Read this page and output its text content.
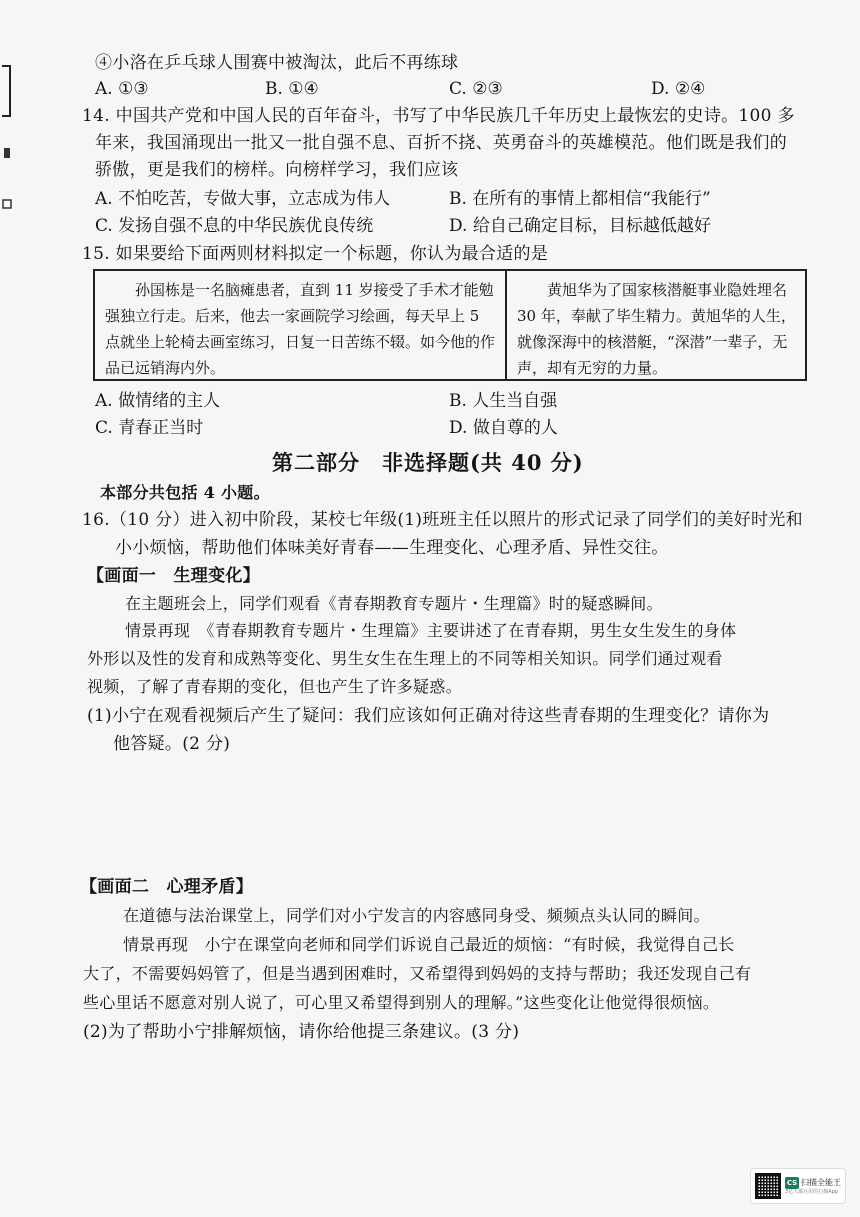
④小洛在乒乓球人围赛中被淘汰，此后不再练球
A. ①③	B. ①④	C. ②③	D. ②④
14. 中国共产党和中国人民的百年奋斗，书写了中华民族几千年历史上最恢宏的史诗。100 多
年来，我国涌现出一批又一批自强不息、百折不挠、英勇奋斗的英雄模范。他们既是我们的
骄傲，更是我们的榜样。向榜样学习，我们应该
A. 不怕吃苦，专做大事，立志成为伟人	B. 在所有的事情上都相信“我能行”
C. 发扬自强不息的中华民族优良传统	D. 给自己确定目标，目标越低越好
15. 如果要给下面两则材料拟定一个标题，你认为最合适的是

孙国栋是一名脑瘫患者，直到 11 岁接受了手术才能勉强独立行走。后来，他去一家画院学习绘画，每天早上 5 点就坐上轮椅去画室练习，日复一日苦练不辍。如今他的作品已远销海内外。

黄旭华为了国家核潜艇事业隐姓埋名 30 年，奉献了毕生精力。黄旭华的人生，就像深海中的核潜艇，“深潜”一辈子，无声，却有无穷的力量。

A. 做情绪的主人	B. 人生当自强
C. 青春正当时	D. 做自尊的人
第二部分　非选择题(共 40 分)
本部分共包括 4 小题。
16.（10 分）进入初中阶段，某校七年级(1)班班主任以照片的形式记录了同学们的美好时光和
小小烦恼，帮助他们体味美好青春——生理变化、心理矛盾、异性交往。
【画面一　生理变化】
在主题班会上，同学们观看《青春期教育专题片・生理篇》时的疑惑瞬间。
情景再现　《青春期教育专题片・生理篇》主要讲述了在青春期，男生女生发生的身体
外形以及性的发育和成熟等变化、男生女生在生理上的不同等相关知识。同学们通过观看
视频，了解了青春期的变化，但也产生了许多疑惑。
(1)小宁在观看视频后产生了疑问：我们应该如何正确对待这些青春期的生理变化？请你为
他答疑。(2 分)
【画面二　心理矛盾】
在道德与法治课堂上，同学们对小宁发言的内容感同身受、频频点头认同的瞬间。
情景再现　小宁在课堂向老师和同学们诉说自己最近的烦恼：“有时候，我觉得自己长
大了，不需要妈妈管了，但是当遇到困难时，又希望得到妈妈的支持与帮助；我还发现自己有
些心里话不愿意对别人说了，可心里又希望得到别人的理解。”这些变化让他觉得很烦恼。
(2)为了帮助小宁排解烦恼，请你给他提三条建议。(3 分)
CS 扫描全能王
3亿人都在用的扫描App
